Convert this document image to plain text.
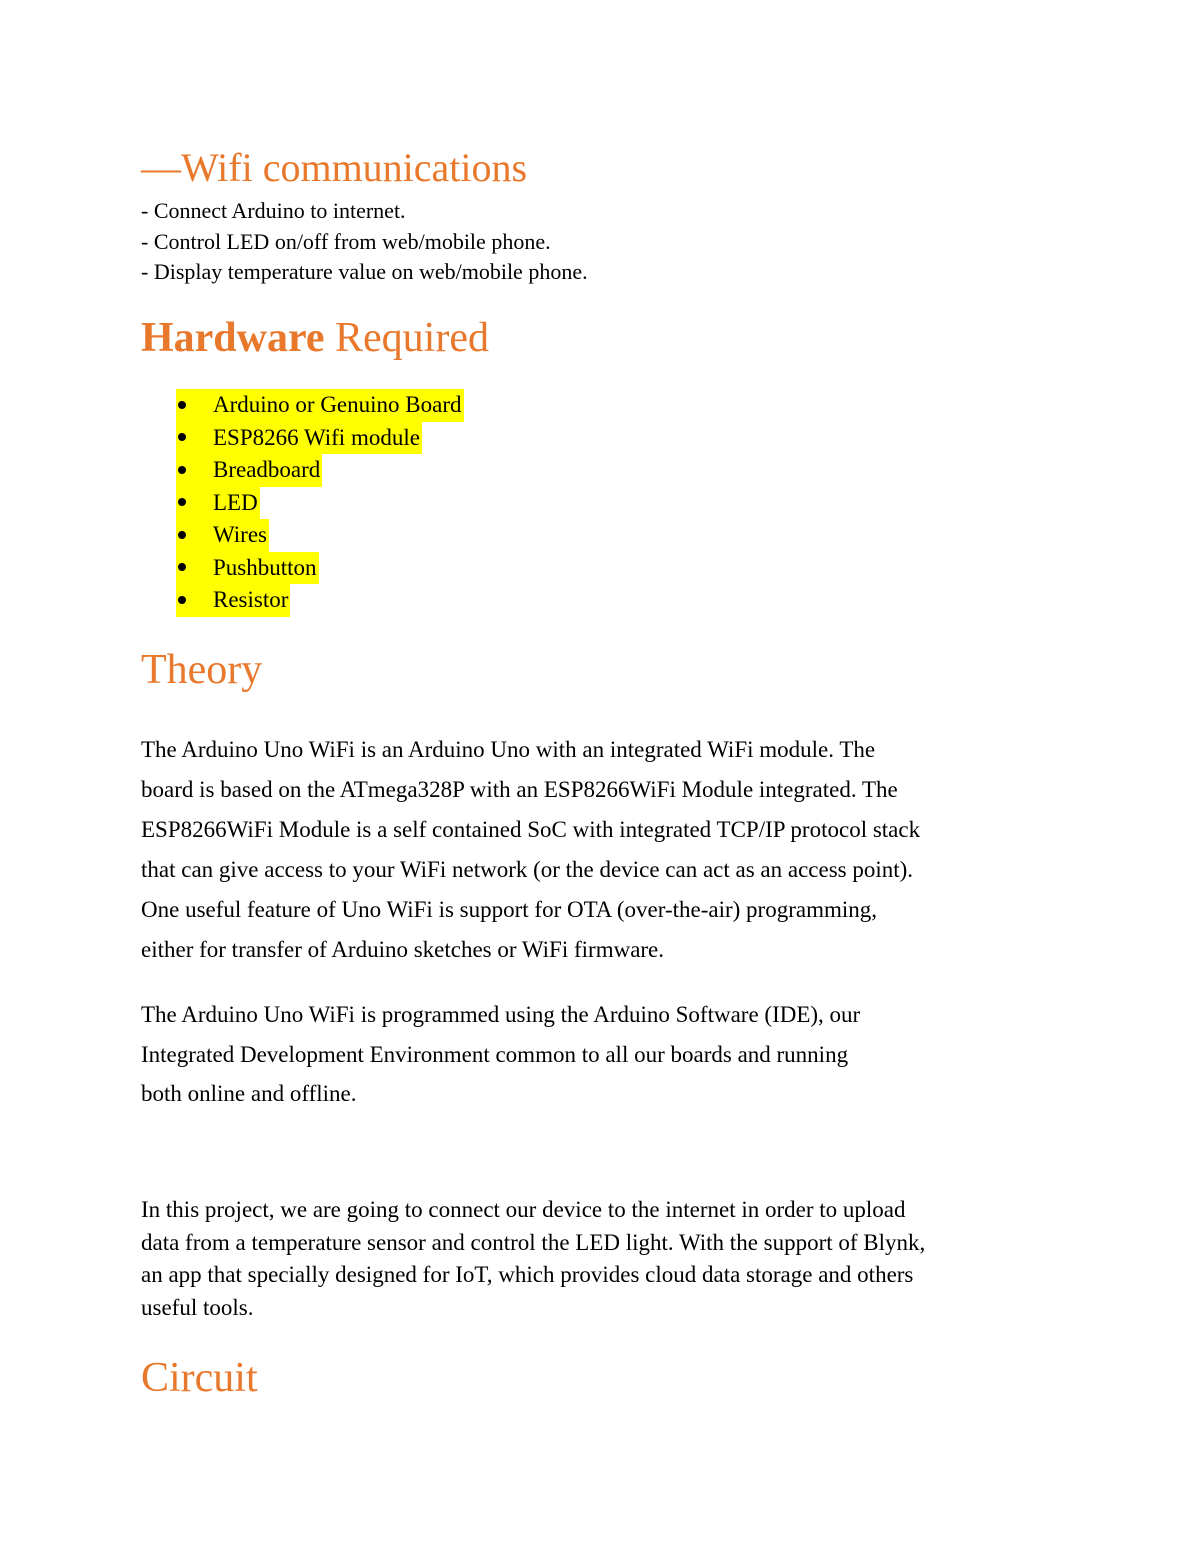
—Wifi communications
- Connect Arduino to internet.
- Control LED on/off from web/mobile phone.
- Display temperature value on web/mobile phone.
Hardware Required
Arduino or Genuino Board
ESP8266 Wifi module
Breadboard
LED
Wires
Pushbutton
Resistor
Theory
The Arduino Uno WiFi is an Arduino Uno with an integrated WiFi module. The
board is based on the ATmega328P with an ESP8266WiFi Module integrated. The
ESP8266WiFi Module is a self contained SoC with integrated TCP/IP protocol stack
that can give access to your WiFi network (or the device can act as an access point).
One useful feature of Uno WiFi is support for OTA (over-the-air) programming,
either for transfer of Arduino sketches or WiFi firmware.
The Arduino Uno WiFi is programmed using the Arduino Software (IDE), our
Integrated Development Environment common to all our boards and running
both online and offline.
In this project, we are going to connect our device to the internet in order to upload
data from a temperature sensor and control the LED light. With the support of Blynk,
an app that specially designed for IoT, which provides cloud data storage and others
useful tools.
Circuit
